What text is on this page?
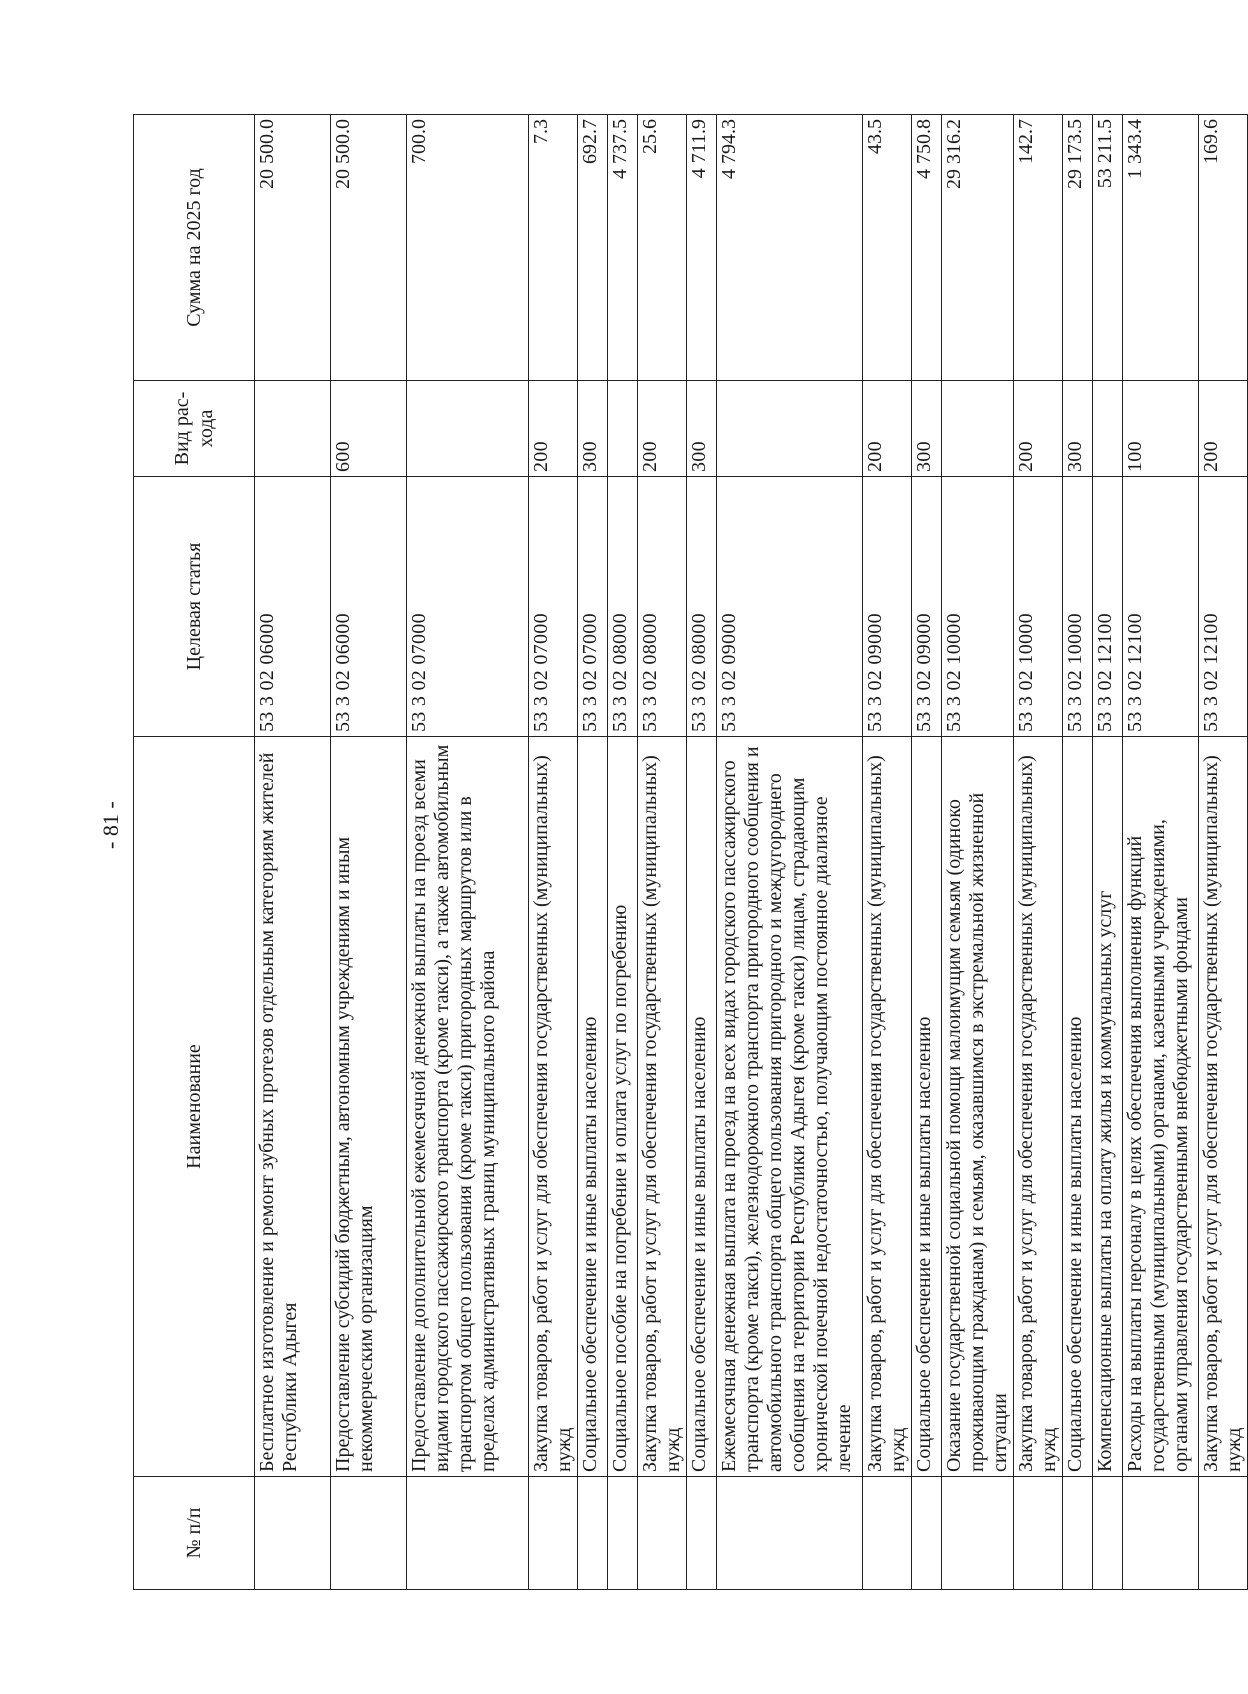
- 81 -
№ п/п	Наименование	Целевая статья	Вид рас- хода	Сумма на 2025 год
	Бесплатное изготовление и ремонт зубных протезов отдельным категориям жителей Республики Адыгея	53 3 02 06000		20 500.0
	Предоставление субсидий бюджетным, автономным учреждениям и иным некоммерческим организациям	53 3 02 06000	600	20 500.0
	Предоставление дополнительной ежемесячной денежной выплаты на проезд всеми видами городского пассажирского транспорта (кроме такси), а также автомобильным транспортом общего пользования (кроме такси) пригородных маршрутов или в пределах административных границ муниципального района	53 3 02 07000		700.0
	Закупка товаров, работ и услуг для обеспечения государственных (муниципальных) нужд	53 3 02 07000	200	7.3
	Социальное обеспечение и иные выплаты населению	53 3 02 07000	300	692.7
	Социальное пособие на погребение и оплата услуг по погребению	53 3 02 08000		4 737.5
	Закупка товаров, работ и услуг для обеспечения государственных (муниципальных) нужд	53 3 02 08000	200	25.6
	Социальное обеспечение и иные выплаты населению	53 3 02 08000	300	4 711.9
	Ежемесячная денежная выплата на проезд на всех видах городского пассажирского транспорта (кроме такси), железнодорожного транспорта пригородного сообщения и автомобильного транспорта общего пользования пригородного и междугороднего сообщения на территории Республики Адыгея (кроме такси) лицам, страдающим хронической почечной недостаточностью, получающим постоянное диализное лечение	53 3 02 09000		4 794.3
	Закупка товаров, работ и услуг для обеспечения государственных (муниципальных) нужд	53 3 02 09000	200	43.5
	Социальное обеспечение и иные выплаты населению	53 3 02 09000	300	4 750.8
	Оказание государственной социальной помощи малоимущим семьям (одиноко проживающим гражданам) и семьям, оказавшимся в экстремальной жизненной ситуации	53 3 02 10000		29 316.2
	Закупка товаров, работ и услуг для обеспечения государственных (муниципальных) нужд	53 3 02 10000	200	142.7
	Социальное обеспечение и иные выплаты населению	53 3 02 10000	300	29 173.5
	Компенсационные выплаты на оплату жилья и коммунальных услуг	53 3 02 12100		53 211.5
	Расходы на выплаты персоналу в целях обеспечения выполнения функций государственными (муниципальными) органами, казенными учреждениями, органами управления государственными внебюджетными фондами	53 3 02 12100	100	1 343.4
	Закупка товаров, работ и услуг для обеспечения государственных (муниципальных) нужд	53 3 02 12100	200	169.6
